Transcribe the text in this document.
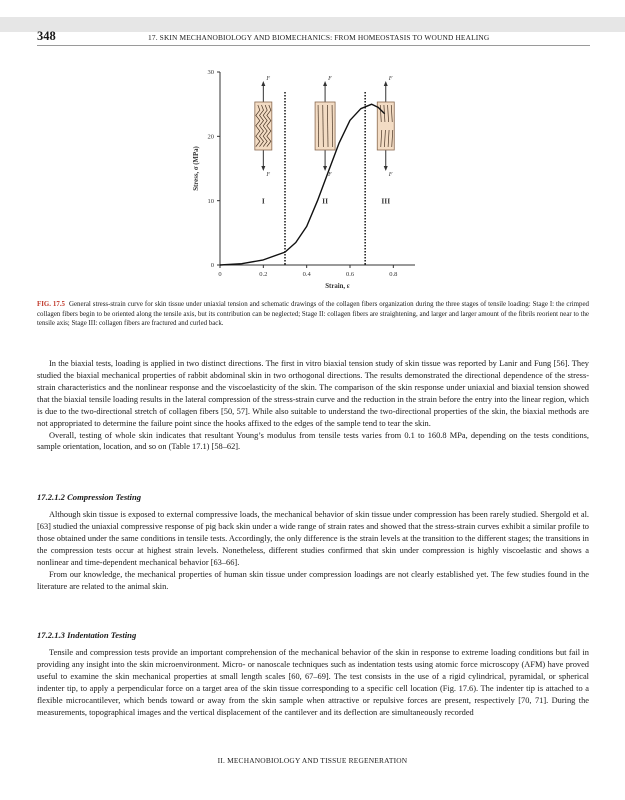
348	17. SKIN MECHANOBIOLOGY AND BIOMECHANICS: FROM HOMEOSTASIS TO WOUND HEALING
0
10
20
30
0	0.2	0.4	0.6	0.8
Strain, ε
Stress, σ (MPa)
I
F
F
II
F
F
III
F
F
FIG. 17.5 General stress-strain curve for skin tissue under uniaxial tension and schematic drawings of the collagen fibers organization during the three stages of tensile loading: Stage I: the crimped collagen fibers begin to be oriented along the tensile axis, but its contribution can be neglected; Stage II: collagen fibers are straightening, and larger and larger amount of the fibrils reorient near to the tensile axis; Stage III: collagen fibers are fractured and curled back.

In the biaxial tests, loading is applied in two distinct directions. The first in vitro biaxial tension study of skin tissue was reported by Lanir and Fung [56]. They studied the biaxial mechanical properties of rabbit abdominal skin in two orthogonal directions. The results demonstrated the directional dependence of the stress-strain characteristics and the nonlinear response and the viscoelasticity of the skin. The comparison of the skin response under uniaxial and biaxial tension showed that the biaxial tensile loading results in the lateral compression of the stress-strain curve and the reduction in the strain before the entry into the linear region, which is due to the two-directional stretch of collagen fibers [50, 57]. While also suitable to understand the two-directional properties of the skin, the biaxial methods are not appropriated to determine the failure point since the hooks affixed to the edges of the sample tend to tear the skin.

Overall, testing of whole skin indicates that resultant Young’s modulus from tensile tests varies from 0.1 to 160.8 MPa, depending on the tests conditions, sample orientation, location, and so on (Table 17.1) [58–62].

17.2.1.2 Compression Testing

Although skin tissue is exposed to external compressive loads, the mechanical behavior of skin tissue under compression has been rarely studied. Shergold et al. [63] studied the uniaxial compressive response of pig back skin under a wide range of strain rates and showed that the stress-strain curves exhibit a similar profile to those obtained under the same conditions in tensile tests. Accordingly, the only difference is the strain levels at the transition to the different stages; the transitions in the compression tests occur at highest strain levels. Nonetheless, different studies confirmed that skin under compression is highly viscoelastic and shows a nonlinear and time-dependent mechanical behavior [63–66].

From our knowledge, the mechanical properties of human skin tissue under compression loadings are not clearly established yet. The few studies found in the literature are related to the animal skin.

17.2.1.3 Indentation Testing

Tensile and compression tests provide an important comprehension of the mechanical behavior of the skin in response to extreme loading conditions but fail in providing any insight into the skin microenvironment. Micro- or nanoscale techniques such as indentation tests using atomic force microscopy (AFM) have proved useful to examine the skin mechanical properties at small length scales [60, 67–69]. The test consists in the use of a rigid cylindrical, pyramidal, or spherical indenter tip, to apply a perpendicular force on a target area of the skin tissue corresponding to a specific cell location (Fig. 17.6). The indenter tip is attached to a flexible microcantilever, which bends toward or away from the skin sample when attractive or repulsive forces are present, respectively [70, 71]. During the measurements, topographical images and the vertical displacement of the cantilever and its deflection are simultaneously recorded

II. MECHANOBIOLOGY AND TISSUE REGENERATION
